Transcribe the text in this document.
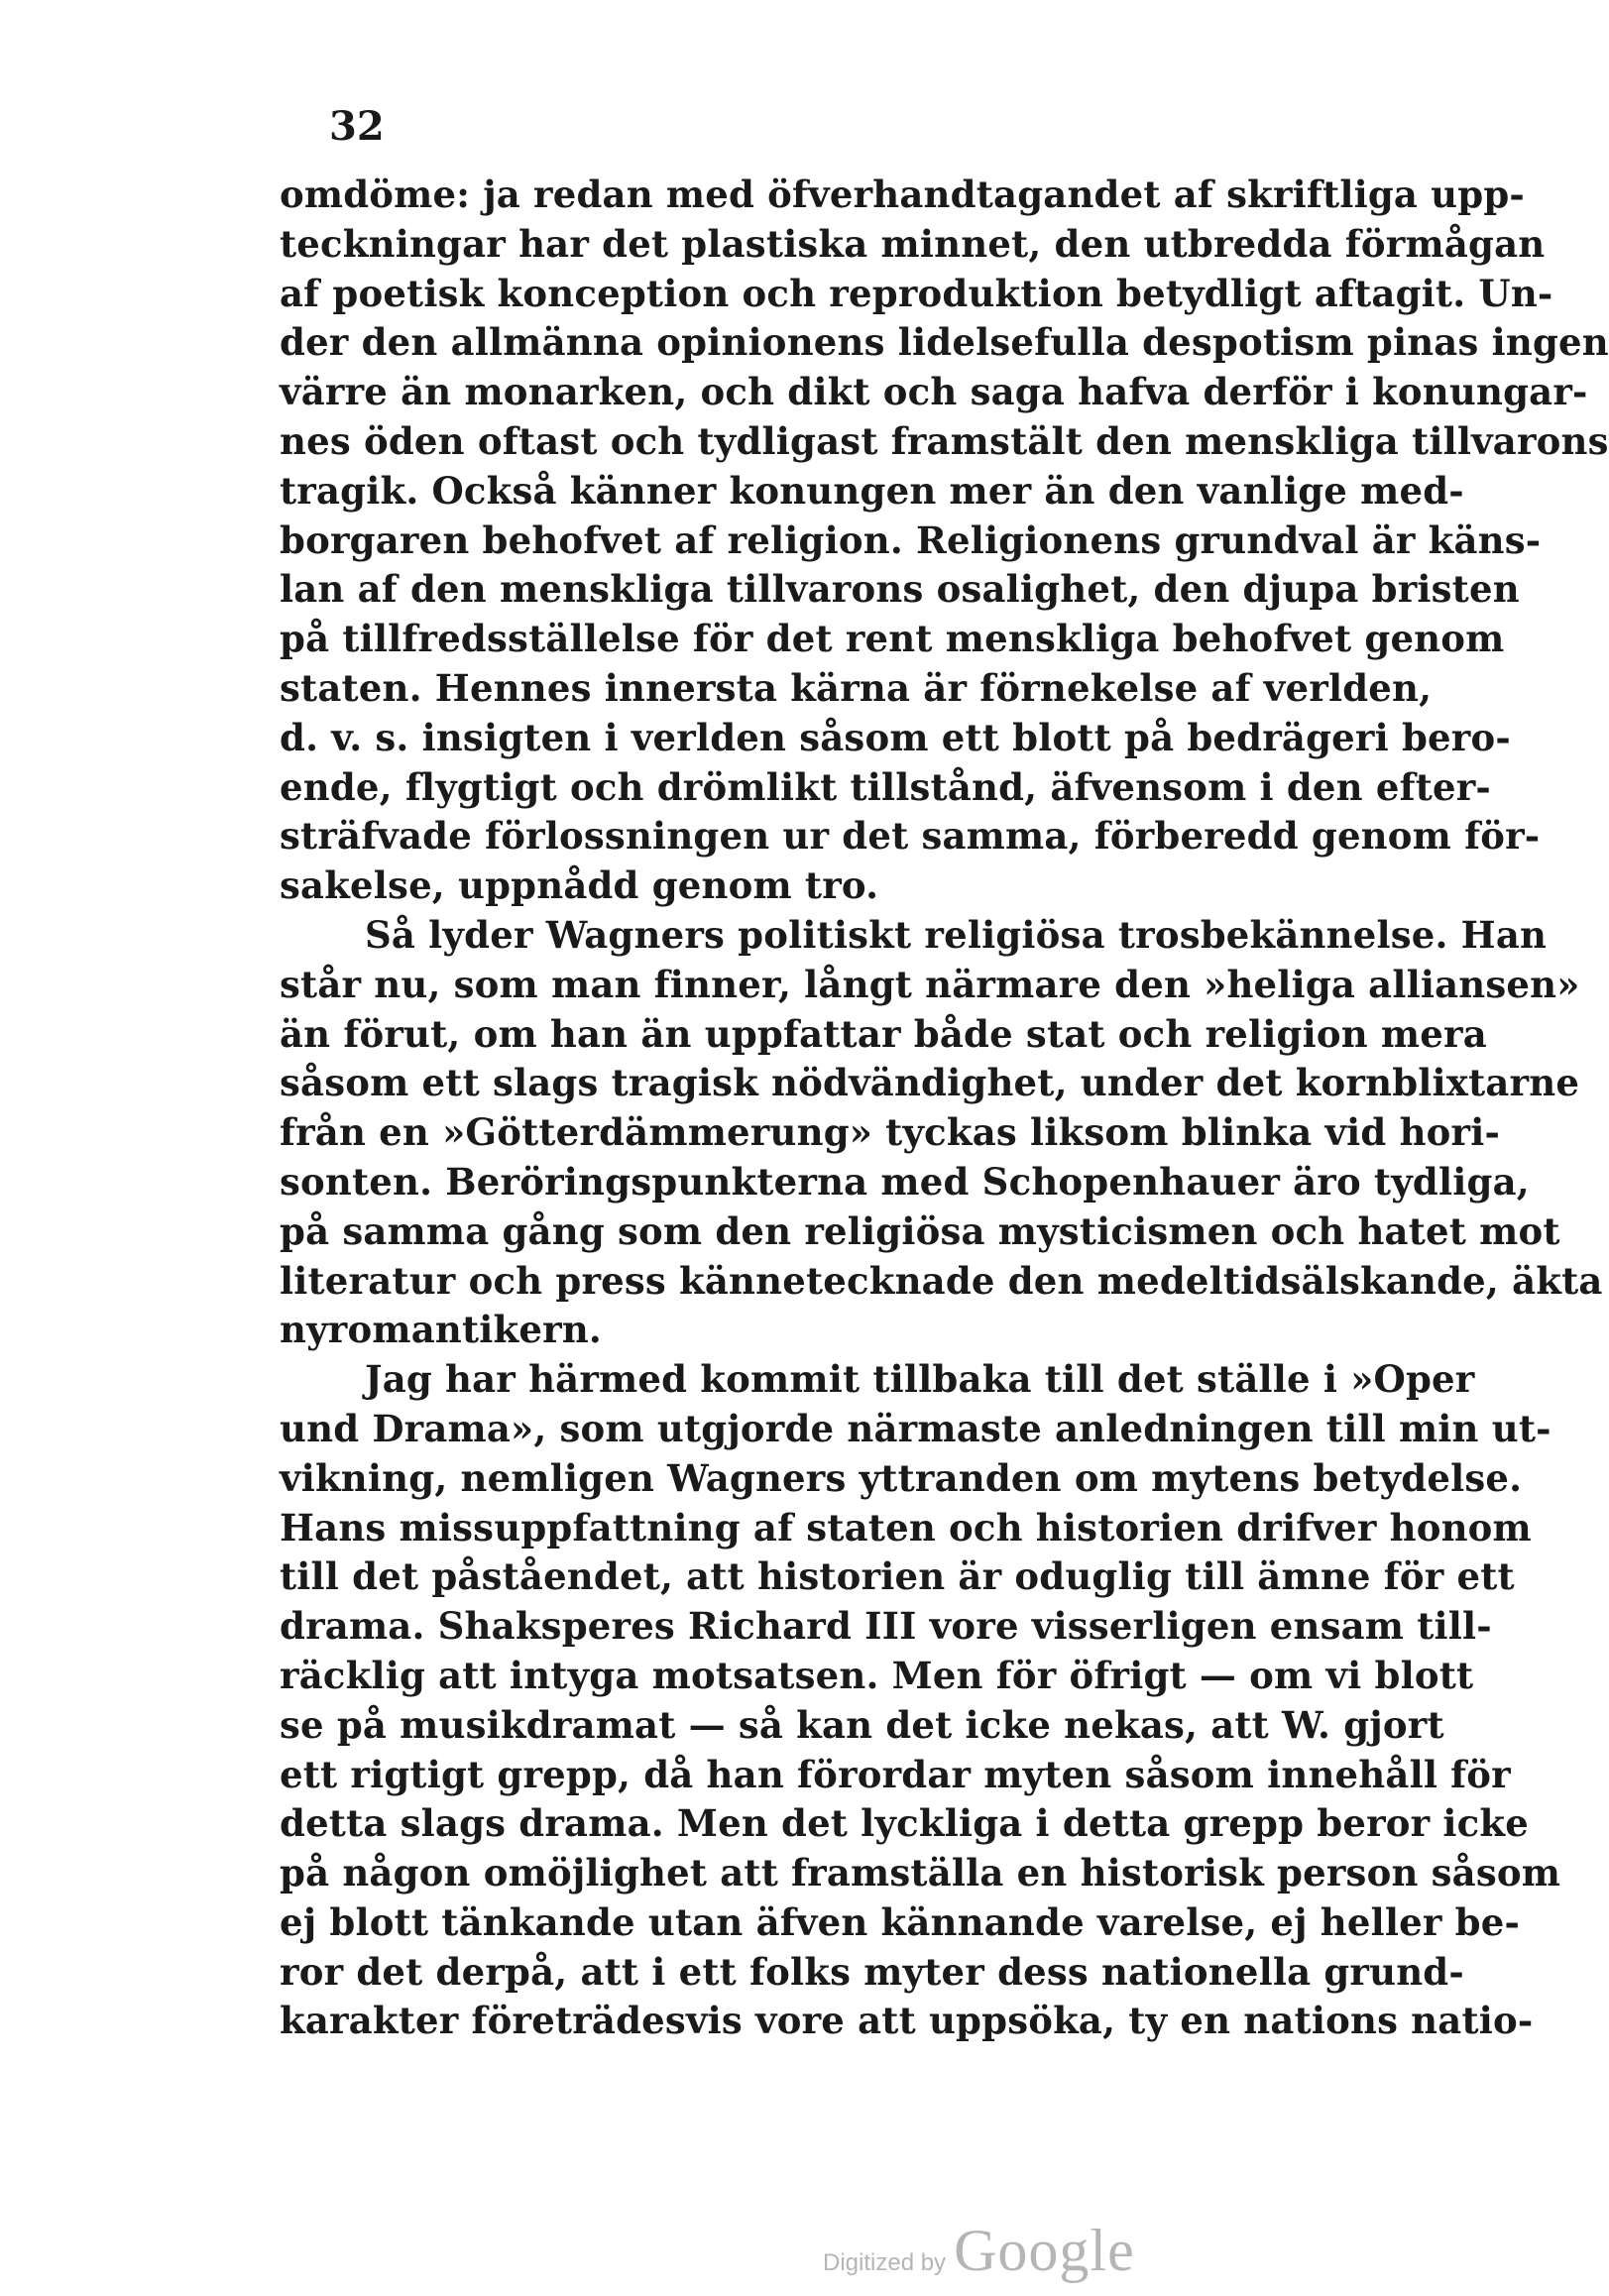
32
omdöme: ja redan med öfverhandtagandet af skriftliga upp-
teckningar har det plastiska minnet, den utbredda förmågan
af poetisk konception och reproduktion betydligt aftagit. Un-
der den allmänna opinionens lidelsefulla despotism pinas ingen
värre än monarken, och dikt och saga hafva derför i konungar-
nes öden oftast och tydligast framstält den menskliga tillvarons
tragik. Också känner konungen mer än den vanlige med-
borgaren behofvet af religion. Religionens grundval är käns-
lan af den menskliga tillvarons osalighet, den djupa bristen
på tillfredsställelse för det rent menskliga behofvet genom
staten. Hennes innersta kärna är förnekelse af verlden,
d. v. s. insigten i verlden såsom ett blott på bedrägeri bero-
ende, flygtigt och drömlikt tillstånd, äfvensom i den efter-
sträfvade förlossningen ur det samma, förberedd genom för-
sakelse, uppnådd genom tro.
Så lyder Wagners politiskt religiösa trosbekännelse. Han
står nu, som man finner, långt närmare den »heliga alliansen»
än förut, om han än uppfattar både stat och religion mera
såsom ett slags tragisk nödvändighet, under det kornblixtarne
från en »Götterdämmerung» tyckas liksom blinka vid hori-
sonten. Beröringspunkterna med Schopenhauer äro tydliga,
på samma gång som den religiösa mysticismen och hatet mot
literatur och press kännetecknade den medeltidsälskande, äkta
nyromantikern.
Jag har härmed kommit tillbaka till det ställe i »Oper
und Drama», som utgjorde närmaste anledningen till min ut-
vikning, nemligen Wagners yttranden om mytens betydelse.
Hans missuppfattning af staten och historien drifver honom
till det påståendet, att historien är oduglig till ämne för ett
drama. Shaksperes Richard III vore visserligen ensam till-
räcklig att intyga motsatsen. Men för öfrigt — om vi blott
se på musikdramat — så kan det icke nekas, att W. gjort
ett rigtigt grepp, då han förordar myten såsom innehåll för
detta slags drama. Men det lyckliga i detta grepp beror icke
på någon omöjlighet att framställa en historisk person såsom
ej blott tänkande utan äfven kännande varelse, ej heller be-
ror det derpå, att i ett folks myter dess nationella grund-
karakter företrädesvis vore att uppsöka, ty en nations natio-
Digitized by Google
